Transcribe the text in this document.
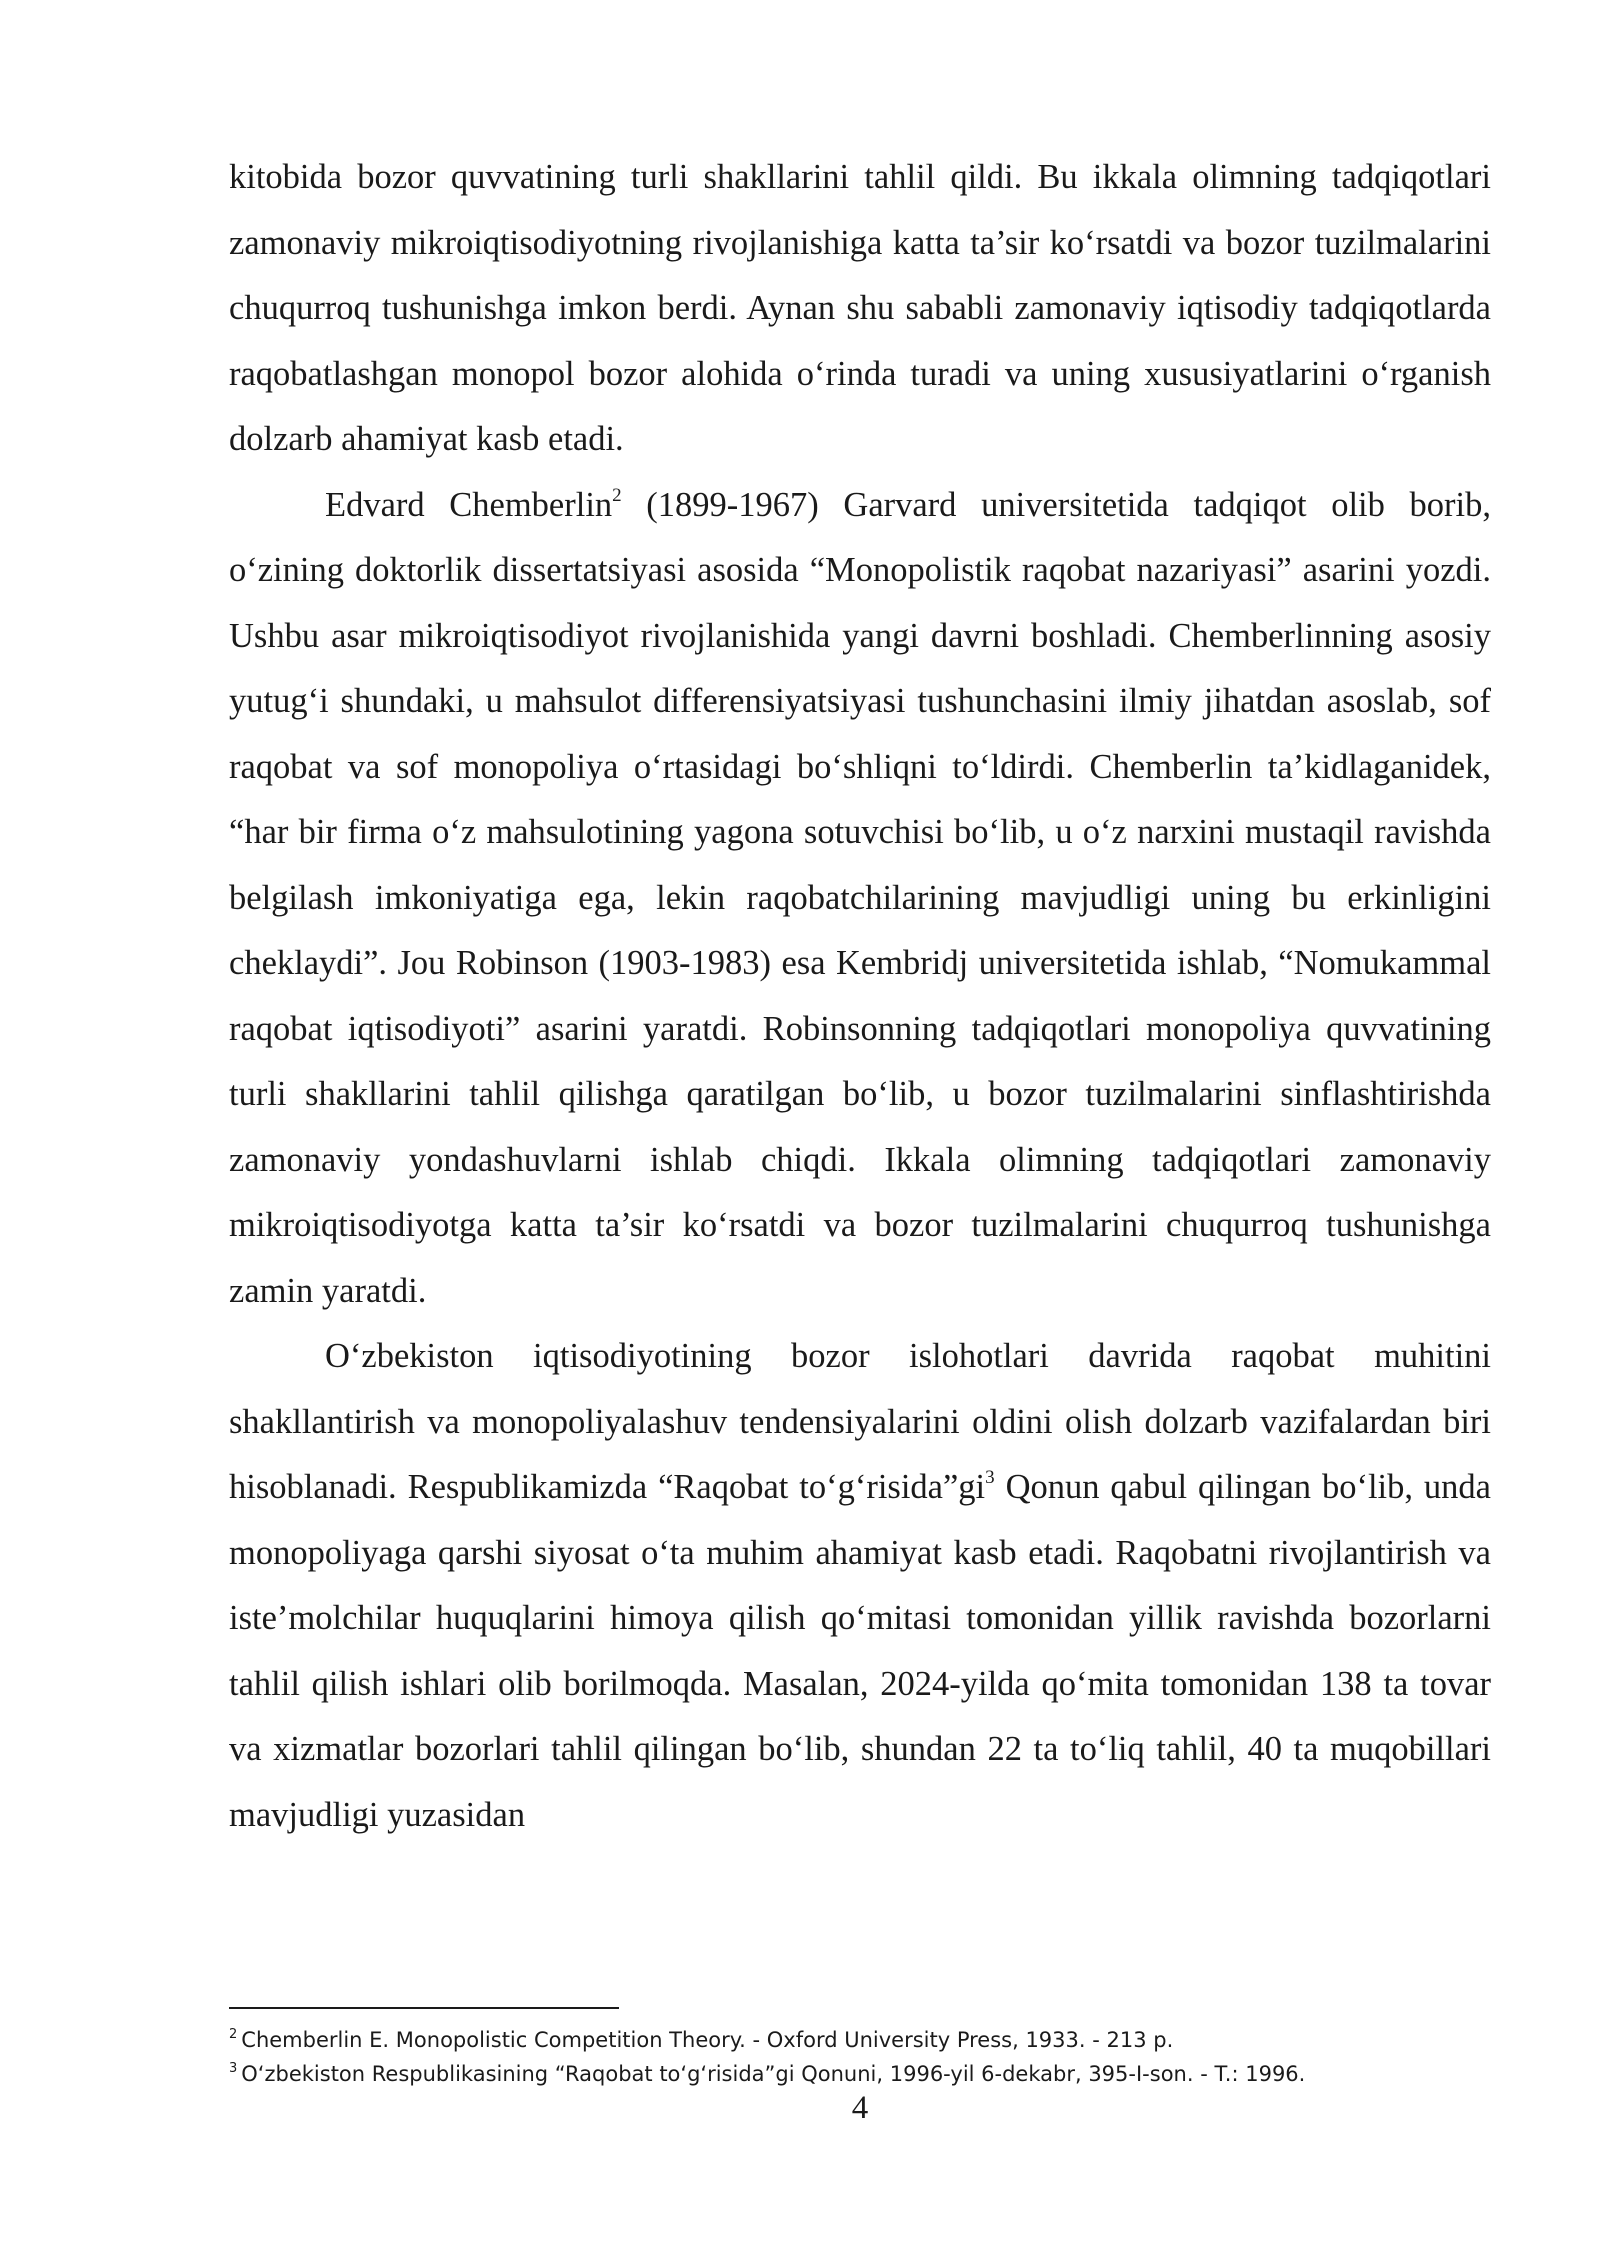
kitobida bozor quvvatining turli shakllarini tahlil qildi. Bu ikkala olimning tadqiqotlari zamonaviy mikroiqtisodiyotning rivojlanishiga katta ta’sir ko‘rsatdi va bozor tuzilmalarini chuqurroq tushunishga imkon berdi. Aynan shu sababli zamonaviy iqtisodiy tadqiqotlarda raqobatlashgan monopol bozor alohida o‘rinda turadi va uning xususiyatlarini o‘rganish dolzarb ahamiyat kasb etadi.

Edvard Chemberlin$^2$ (1899-1967) Garvard universitetida tadqiqot olib borib, o‘zining doktorlik dissertatsiyasi asosida “Monopolistik raqobat nazariyasi” asarini yozdi. Ushbu asar mikroiqtisodiyot rivojlanishida yangi davrni boshladi. Chemberlinning asosiy yutug‘i shundaki, u mahsulot differensiyatsiyasi tushunchasini ilmiy jihatdan asoslab, sof raqobat va sof monopoliya o‘rtasidagi bo‘shliqni to‘ldirdi. Chemberlin ta’kidlaganidek, “har bir firma o‘z mahsulotining yagona sotuvchisi bo‘lib, u o‘z narxini mustaqil ravishda belgilash imkoniyatiga ega, lekin raqobatchilarining mavjudligi uning bu erkinligini cheklaydi”. Jou Robinson (1903-1983) esa Kembridj universitetida ishlab, “Nomukammal raqobat iqtisodiyoti” asarini yaratdi. Robinsonning tadqiqotlari monopoliya quvvatining turli shakllarini tahlil qilishga qaratilgan bo‘lib, u bozor tuzilmalarini sinflashtirishda zamonaviy yondashuvlarni ishlab chiqdi. Ikkala olimning tadqiqotlari zamonaviy mikroiqtisodiyotga katta ta’sir ko‘rsatdi va bozor tuzilmalarini chuqurroq tushunishga zamin yaratdi.

O‘zbekiston iqtisodiyotining bozor islohotlari davrida raqobat muhitini shakllantirish va monopoliyalashuv tendensiyalarini oldini olish dolzarb vazifalardan biri hisoblanadi. Respublikamizda “Raqobat to‘g‘risida”gi$^3$ Qonun qabul qilingan bo‘lib, unda monopoliyaga qarshi siyosat o‘ta muhim ahamiyat kasb etadi. Raqobatni rivojlantirish va iste’molchilar huquqlarini himoya qilish qo‘mitasi tomonidan yillik ravishda bozorlarni tahlil qilish ishlari olib borilmoqda. Masalan, 2024-yilda qo‘mita tomonidan 138 ta tovar va xizmatlar bozorlari tahlil qilingan bo‘lib, shundan 22 ta to‘liq tahlil, 40 ta muqobillari mavjudligi yuzasidan

$^2$ Chemberlin E. Monopolistic Competition Theory. - Oxford University Press, 1933. - 213 p.

$^3$ O‘zbekiston Respublikasining “Raqobat to‘g‘risida”gi Qonuni, 1996-yil 6-dekabr, 395-I-son. - T.: 1996.

4
